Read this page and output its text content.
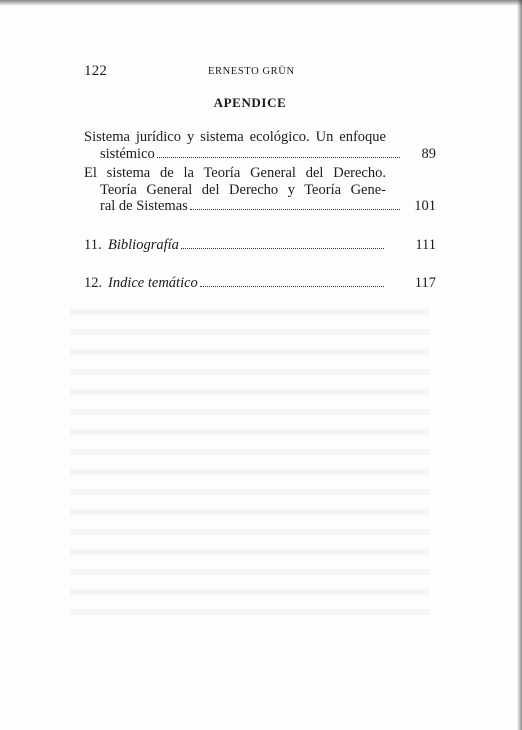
122	ERNESTO GRÜN
APENDICE
Sistema jurídico y sistema ecológico. Un enfoque
sistémico	89
El sistema de la Teoría General del Derecho.
Teoría General del Derecho y Teoría Gene-
ral de Sistemas	101
11. Bibliografía	111
12. Indice temático	117
